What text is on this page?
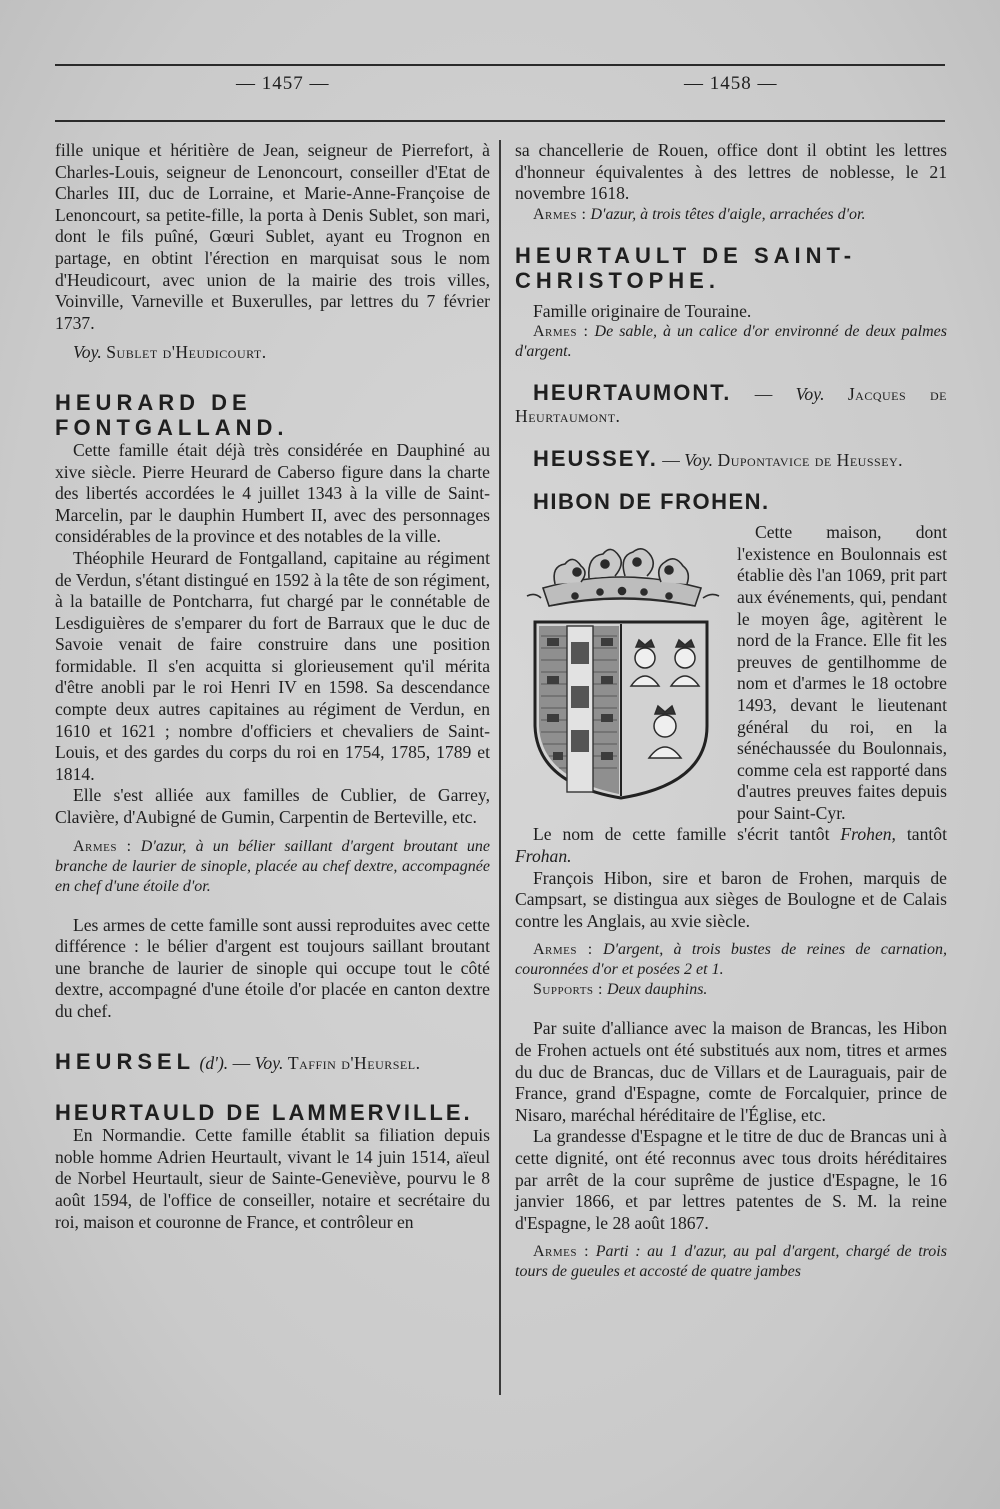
— 1457 —	— 1458 —

fille unique et héritière de Jean, seigneur de Pierrefort, à Charles-Louis, seigneur de Lenoncourt, conseiller d'Etat de Charles III, duc de Lorraine, et Marie-Anne-Françoise de Lenoncourt, sa petite-fille, la porta à Denis Sublet, son mari, dont le fils puîné, Gœuri Sublet, ayant eu Trognon en partage, en obtint l'érection en marquisat sous le nom d'Heudicourt, avec union de la mairie des trois villes, Voinville, Varneville et Buxerulles, par lettres du 7 février 1737.

Voy. Sublet d'Heudicourt.

HEURARD DE FONTGALLAND.

Cette famille était déjà très considérée en Dauphiné au xive siècle. Pierre Heurard de Caberso figure dans la charte des libertés accordées le 4 juillet 1343 à la ville de Saint-Marcelin, par le dauphin Humbert II, avec des personnages considérables de la province et des notables de la ville.

Théophile Heurard de Fontgalland, capitaine au régiment de Verdun, s'étant distingué en 1592 à la tête de son régiment, à la bataille de Pontcharra, fut chargé par le connétable de Lesdiguières de s'emparer du fort de Barraux que le duc de Savoie venait de faire construire dans une position formidable. Il s'en acquitta si glorieusement qu'il mérita d'être anobli par le roi Henri IV en 1598. Sa descendance compte deux autres capitaines au régiment de Verdun, en 1610 et 1621 ; nombre d'officiers et chevaliers de Saint-Louis, et des gardes du corps du roi en 1754, 1785, 1789 et 1814.

Elle s'est alliée aux familles de Cublier, de Garrey, Clavière, d'Aubigné de Gumin, Carpentin de Berteville, etc.

Armes : D'azur, à un bélier saillant d'argent broutant une branche de laurier de sinople, placée au chef dextre, accompagnée en chef d'une étoile d'or.

Les armes de cette famille sont aussi reproduites avec cette différence : le bélier d'argent est toujours saillant broutant une branche de laurier de sinople qui occupe tout le côté dextre, accompagné d'une étoile d'or placée en canton dextre du chef.

HEURSEL (d'). — Voy. Taffin d'Heursel.

HEURTAULD DE LAMMERVILLE.

En Normandie. Cette famille établit sa filiation depuis noble homme Adrien Heurtault, vivant le 14 juin 1514, aïeul de Norbel Heurtault, sieur de Sainte-Geneviève, pourvu le 8 août 1594, de l'office de conseiller, notaire et secrétaire du roi, maison et couronne de France, et contrôleur en

sa chancellerie de Rouen, office dont il obtint les lettres d'honneur équivalentes à des lettres de noblesse, le 21 novembre 1618.

Armes : D'azur, à trois têtes d'aigle, arrachées d'or.

HEURTAULT DE SAINT-CHRISTOPHE.

Famille originaire de Touraine.

Armes : De sable, à un calice d'or environné de deux palmes d'argent.

HEURTAUMONT. — Voy. Jacques de Heurtaumont.

HEUSSEY. — Voy. Dupontavice de Heussey.

HIBON DE FROHEN.

Cette maison, dont l'existence en Boulonnais est établie dès l'an 1069, prit part aux événements, qui, pendant le moyen âge, agitèrent le nord de la France. Elle fit les preuves de gentilhomme de nom et d'armes le 18 octobre 1493, devant le lieutenant général du roi, en la sénéchaussée du Boulonnais, comme cela est rapporté dans d'autres preuves faites depuis pour Saint-Cyr.

Le nom de cette famille s'écrit tantôt Frohen, tantôt Frohan.

François Hibon, sire et baron de Frohen, marquis de Campsart, se distingua aux sièges de Boulogne et de Calais contre les Anglais, au xvie siècle.

Armes : D'argent, à trois bustes de reines de carnation, couronnées d'or et posées 2 et 1.

Supports : Deux dauphins.

Par suite d'alliance avec la maison de Brancas, les Hibon de Frohen actuels ont été substitués aux nom, titres et armes du duc de Brancas, duc de Villars et de Lauraguais, pair de France, grand d'Espagne, comte de Forcalquier, prince de Nisaro, maréchal héréditaire de l'Église, etc.

La grandesse d'Espagne et le titre de duc de Brancas uni à cette dignité, ont été reconnus avec tous droits héréditaires par arrêt de la cour suprême de justice d'Espagne, le 16 janvier 1866, et par lettres patentes de S. M. la reine d'Espagne, le 28 août 1867.

Armes : Parti : au 1 d'azur, au pal d'argent, chargé de trois tours de gueules et accosté de quatre jambes
